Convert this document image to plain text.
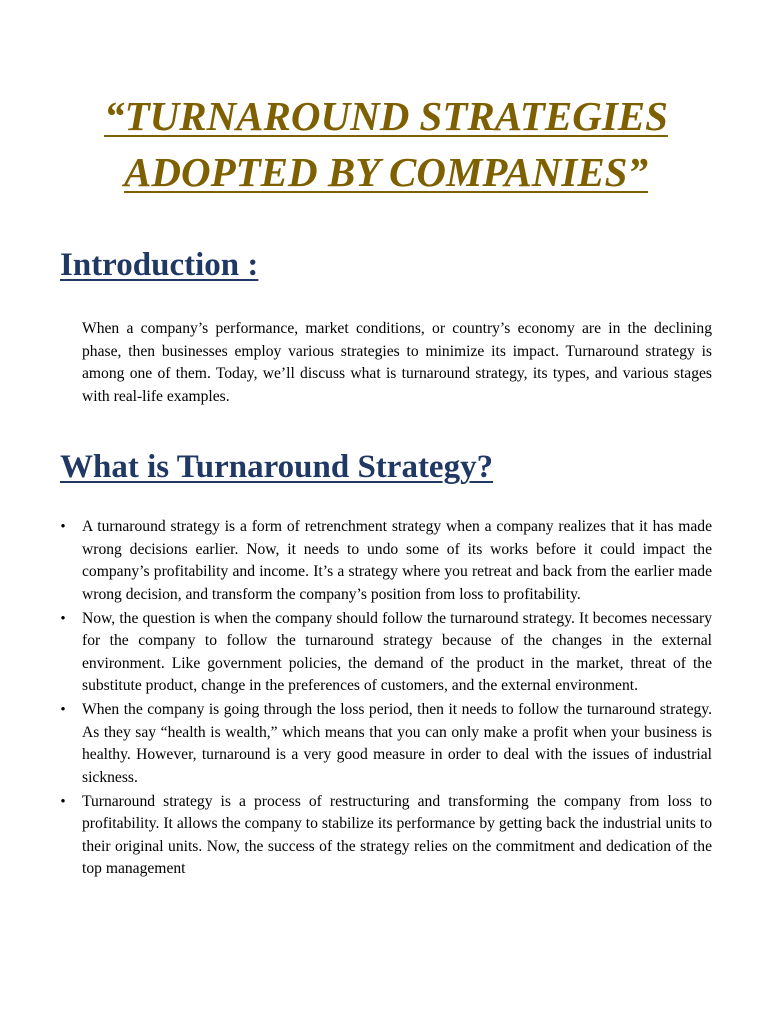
“TURNAROUND STRATEGIES
ADOPTED BY COMPANIES”
Introduction :

When a company’s performance, market conditions, or country’s economy are in the declining phase, then businesses employ various strategies to minimize its impact. Turnaround strategy is among one of them. Today, we’ll discuss what is turnaround strategy, its types, and various stages with real-life examples.

What is Turnaround Strategy?
• A turnaround strategy is a form of retrenchment strategy when a company realizes that it has made wrong decisions earlier. Now, it needs to undo some of its works before it could impact the company’s profitability and income. It’s a strategy where you retreat and back from the earlier made wrong decision, and transform the company’s position from loss to profitability.
• Now, the question is when the company should follow the turnaround strategy. It becomes necessary for the company to follow the turnaround strategy because of the changes in the external environment. Like government policies, the demand of the product in the market, threat of the substitute product, change in the preferences of customers, and the external environment.
• When the company is going through the loss period, then it needs to follow the turnaround strategy. As they say “health is wealth,” which means that you can only make a profit when your business is healthy. However, turnaround is a very good measure in order to deal with the issues of industrial sickness.
• Turnaround strategy is a process of restructuring and transforming the company from loss to profitability. It allows the company to stabilize its performance by getting back the industrial units to their original units. Now, the success of the strategy relies on the commitment and dedication of the top management
